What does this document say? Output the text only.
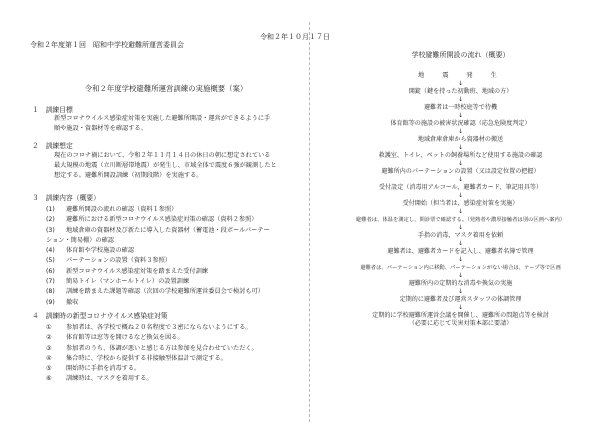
令和２年度第１回　昭和中学校避難所運営委員会
令和２年１０月１７日
令和２年度学校避難所運営訓練の実施概要（案）
１　訓練目標
新型コロナウイルス感染症対策を実施した避難所開設・運営ができるように手
順や施設・資器材等を確認する。
２　訓練想定
現在のコロナ禍において、令和２年１１月１４日の休日の朝に想定されている
最大規模の地震（立川断層帯地震）が発生し、市域全体で震度６強が観測したと
想定する。避難所開設訓練（初期段階）を実施する。
３　訓練内容（概要）
(1) 避難所開設の流れの確認（資料１参照）
(2) 避難所における新型コロナウイルス感染症対策の確認（資料２参照）
(3) 地域倉庫の資器材及び新たに導入した資器材（蓄電池・段ボールパーテー
ション・簡易棚）の確認
(4) 体育館や学校施設の確認
(5) パーテーションの設置（資料３参照）
(6) 新型コロナウイルス感染症対策を踏まえた受付訓練
(7) 簡易トイレ（マンホールトイレ）の設置訓練
(8) 訓練を踏まえた課題等確認（次回の学校避難所運営委員会で検討も可）
(9) 撤収
４　訓練時の新型コロナウイルス感染症対策
① 参加者は、各学校で概ね２０名程度で３密にならないようにする。
② 体育館等は窓等を開けるなど換気を図る。
③ 参加者のうち、体調が悪いと感じる方は参加を見合わせていただく。
④ 集合時に、学校から提供する非接触型体温計で測定する。
⑤ 開始時に手指を消毒する。
⑥ 訓練時は、マスクを着用する。
学校避難所開設の流れ（概要）
地　震　発　生
↓
開錠（鍵を持った初動班、地域の方）
↓
避難者は一時校庭等で待機
↓
体育館等の施設の被害状況確認（応急危険度判定）
↓
地域倉庫倉庫から資器材の搬送
↓
救護室、トイレ、ペットの飼養場所など使用する施設の確認
↓
避難所内のパーテーションの設置（又は設定位置の把握）
↓
受付設定（消毒用アルコール、避難者カード、筆記用具等）
↓
受付開始（担当者は、感染症対策を実施）
↓
避難者は、体温を測定し、問診票で確認する。（発熱者や濃厚接触者は別の区画へ案内）
↓
手指の消毒、マスク着用を依頼
↓
避難者は、避難者カードを記入し、避難者名簿で管理
↓
避難者は、パーテーション内に移動、パーテーションがない場合は、テープ等で区画
↓
避難所内の定期的な消毒や換気の実施
↓
定期的に避難者及び運営スタッフの体調管理
↓
定期的に学校避難所運営会議を開催し、避難所の問題点等を検討
（必要に応じて災害対策本部に要請）
